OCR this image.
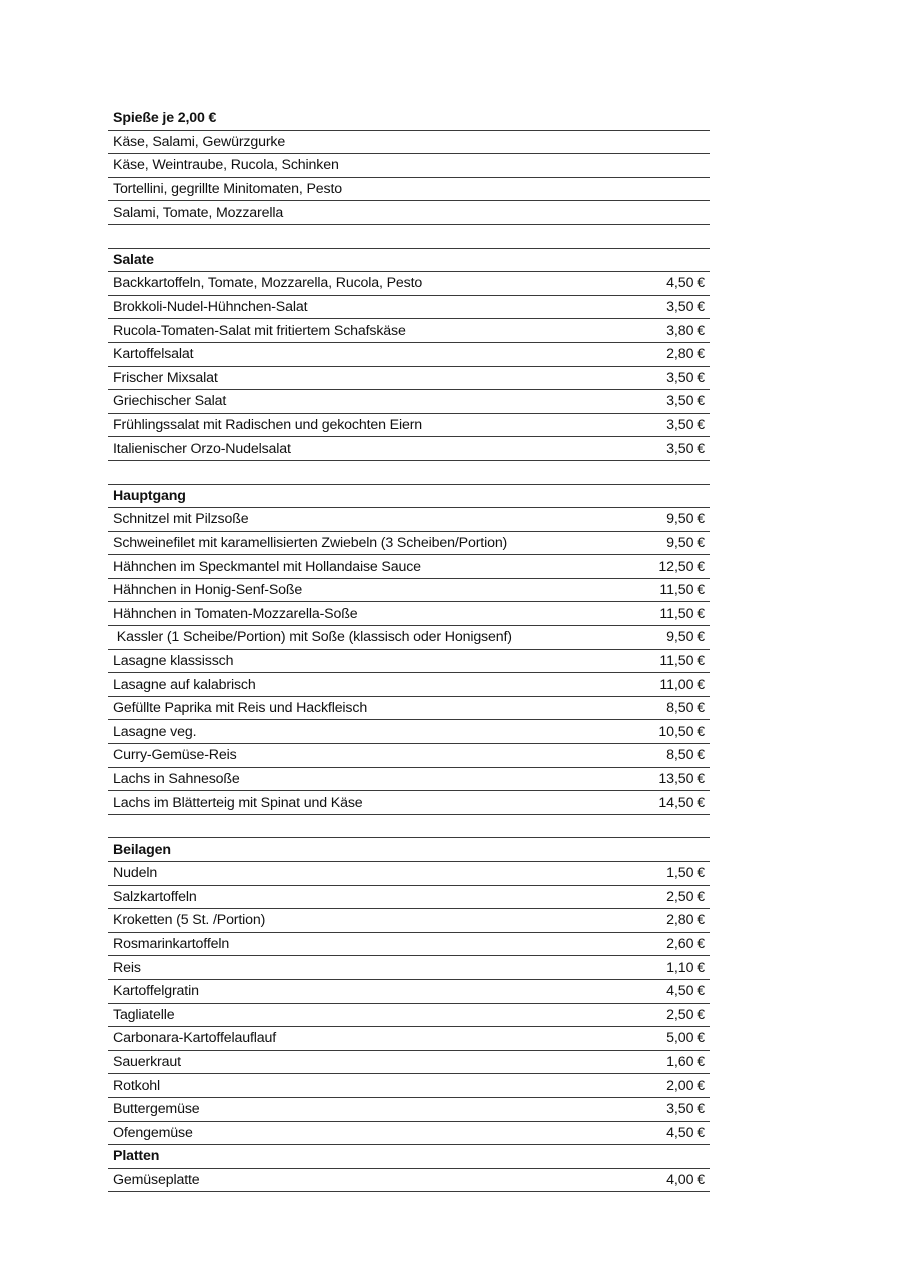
Spieße je 2,00 €
Käse, Salami, Gewürzgurke
Käse, Weintraube, Rucola, Schinken
Tortellini, gegrillte Minitomaten, Pesto
Salami, Tomate, Mozzarella
Salate
Backkartoffeln, Tomate, Mozzarella, Rucola, Pesto	4,50 €
Brokkoli-Nudel-Hühnchen-Salat	3,50 €
Rucola-Tomaten-Salat mit fritiertem Schafskäse	3,80 €
Kartoffelsalat	2,80 €
Frischer Mixsalat	3,50 €
Griechischer Salat	3,50 €
Frühlingssalat mit Radischen und gekochten Eiern	3,50 €
Italienischer Orzo-Nudelsalat	3,50 €
Hauptgang
Schnitzel mit Pilzsoße	9,50 €
Schweinefilet mit karamellisierten Zwiebeln (3 Scheiben/Portion)	9,50 €
Hähnchen im Speckmantel mit Hollandaise Sauce	12,50 €
Hähnchen in Honig-Senf-Soße	11,50 €
Hähnchen in Tomaten-Mozzarella-Soße	11,50 €
Kassler (1 Scheibe/Portion) mit Soße (klassisch oder Honigsenf)	9,50 €
Lasagne klassissch	11,50 €
Lasagne auf kalabrisch	11,00 €
Gefüllte Paprika mit Reis und Hackfleisch	8,50 €
Lasagne veg.	10,50 €
Curry-Gemüse-Reis	8,50 €
Lachs in Sahnesoße	13,50 €
Lachs im Blätterteig mit Spinat und Käse	14,50 €
Beilagen
Nudeln	1,50 €
Salzkartoffeln	2,50 €
Kroketten (5 St. /Portion)	2,80 €
Rosmarinkartoffeln	2,60 €
Reis	1,10 €
Kartoffelgratin	4,50 €
Tagliatelle	2,50 €
Carbonara-Kartoffelauflauf	5,00 €
Sauerkraut	1,60 €
Rotkohl	2,00 €
Buttergemüse	3,50 €
Ofengemüse	4,50 €
Platten
Gemüseplatte	4,00 €
